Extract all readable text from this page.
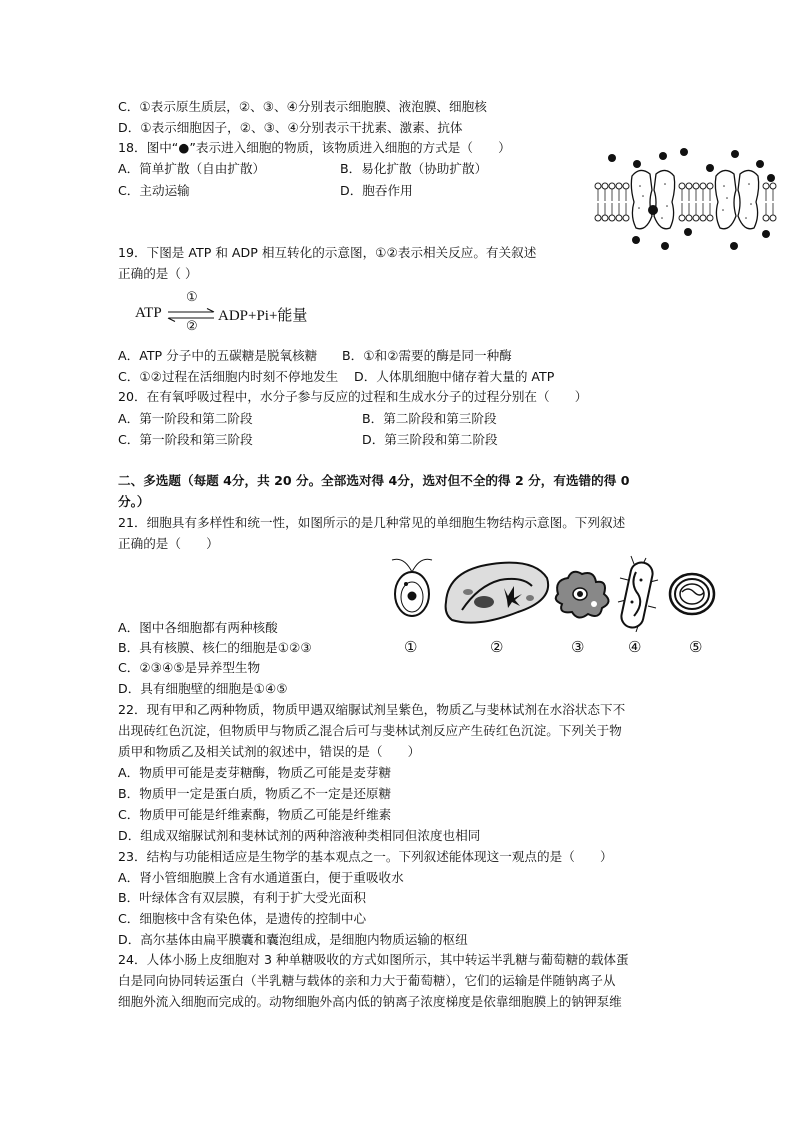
C．①表示原生质层，②、③、④分别表示细胞膜、液泡膜、细胞核
D．①表示细胞因子，②、③、④分别表示干扰素、激素、抗体
18．图中“●”表示进入细胞的物质，该物质进入细胞的方式是（　　）
A．简单扩散（自由扩散）	B．易化扩散（协助扩散）
C．主动运输	D．胞吞作用
19．下图是 ATP 和 ADP 相互转化的示意图，①②表示相关反应。有关叙述
正确的是（ ）
ATP	ADP+Pi+能量
①
②
A．ATP 分子中的五碳糖是脱氧核糖 B．①和②需要的酶是同一种酶
C．①②过程在活细胞内时刻不停地发生 D．人体肌细胞中储存着大量的 ATP
20．在有氧呼吸过程中，水分子参与反应的过程和生成水分子的过程分别在（　　）
A．第一阶段和第二阶段	B．第二阶段和第三阶段
C．第一阶段和第三阶段	D．第三阶段和第二阶段
二、多选题（每题 4分，共 20 分。全部选对得 4分，选对但不全的得 2 分，有选错的得 0
分。）
21．细胞具有多样性和统一性，如图所示的是几种常见的单细胞生物结构示意图。下列叙述
正确的是（　　）
①	②	③	④	⑤
A．图中各细胞都有两种核酸
B．具有核膜、核仁的细胞是①②③
C．②③④⑤是异养型生物
D．具有细胞壁的细胞是①④⑤
22．现有甲和乙两种物质，物质甲遇双缩脲试剂呈紫色，物质乙与斐林试剂在水浴状态下不
出现砖红色沉淀，但物质甲与物质乙混合后可与斐林试剂反应产生砖红色沉淀。下列关于物
质甲和物质乙及相关试剂的叙述中，错误的是（　　）
A．物质甲可能是麦芽糖酶，物质乙可能是麦芽糖
B．物质甲一定是蛋白质，物质乙不一定是还原糖
C．物质甲可能是纤维素酶，物质乙可能是纤维素
D．组成双缩脲试剂和斐林试剂的两种溶液种类相同但浓度也相同
23．结构与功能相适应是生物学的基本观点之一。下列叙述能体现这一观点的是（　　）
A．肾小管细胞膜上含有水通道蛋白，便于重吸收水
B．叶绿体含有双层膜，有利于扩大受光面积
C．细胞核中含有染色体，是遗传的控制中心
D．高尔基体由扁平膜囊和囊泡组成，是细胞内物质运输的枢纽
24．人体小肠上皮细胞对 3 种单糖吸收的方式如图所示，其中转运半乳糖与葡萄糖的载体蛋
白是同向协同转运蛋白（半乳糖与载体的亲和力大于葡萄糖），它们的运输是伴随钠离子从
细胞外流入细胞而完成的。动物细胞外高内低的钠离子浓度梯度是依靠细胞膜上的钠钾泵维
